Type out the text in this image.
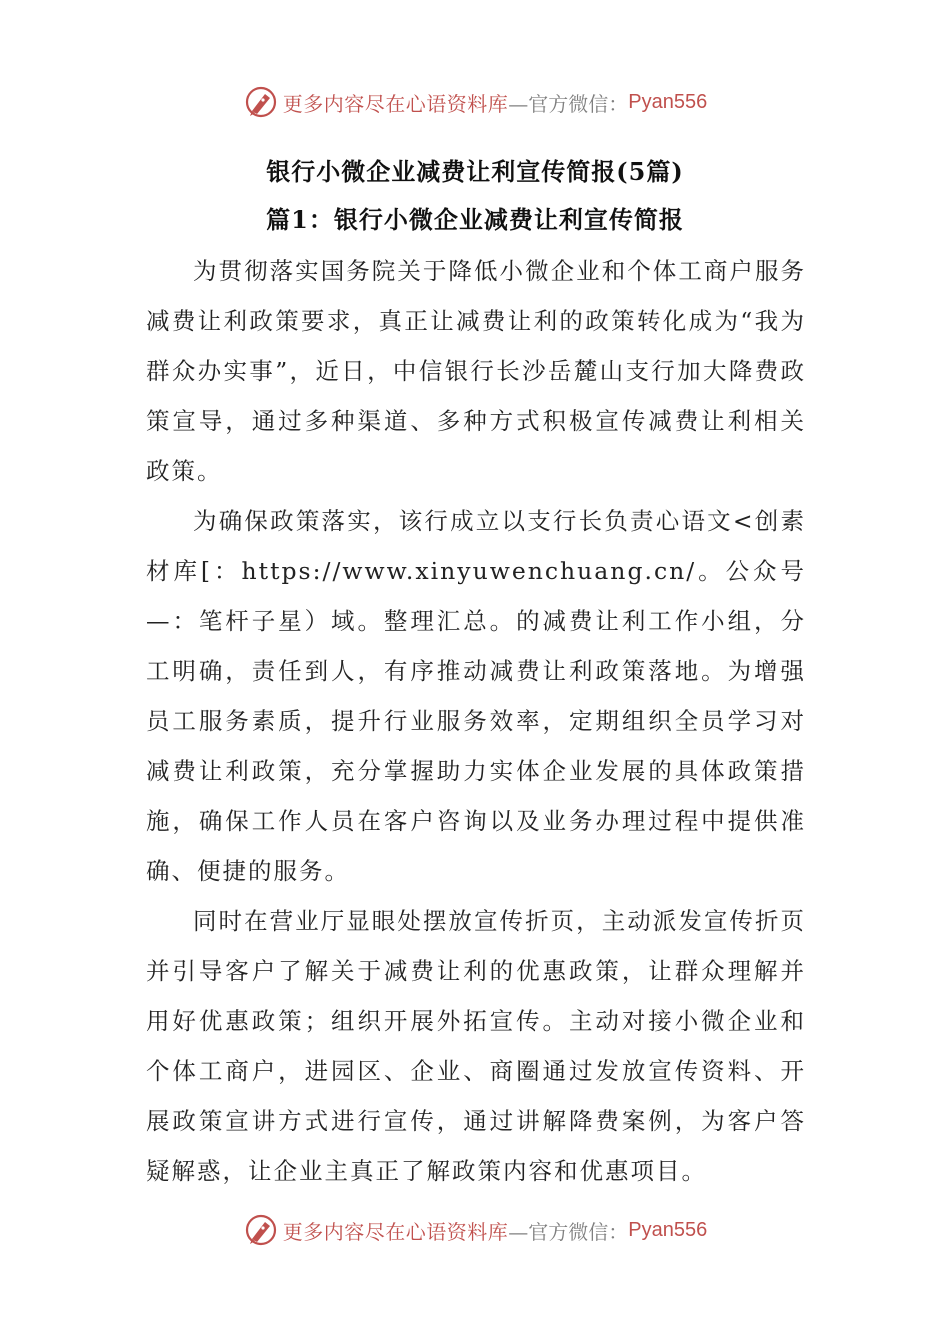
更多内容尽在心语资料库 —官方微信： Pyan556
银行小微企业减费让利宣传简报(5篇)
篇1：银行小微企业减费让利宣传简报

为贯彻落实国务院关于降低小微企业和个体工商户服务减费让利政策要求，真正让减费让利的政策转化成为“我为群众办实事”，近日，中信银行长沙岳麓山支行加大降费政策宣导，通过多种渠道、多种方式积极宣传减费让利相关政策。

为确保政策落实，该行成立以支行长负责心语文<创素材库[：https://www.xinyuwenchuang.cn/。公众号—：笔杆子星）域。整理汇总。的减费让利工作小组，分工明确，责任到人，有序推动减费让利政策落地。为增强员工服务素质，提升行业服务效率，定期组织全员学习对减费让利政策，充分掌握助力实体企业发展的具体政策措施，确保工作人员在客户咨询以及业务办理过程中提供准确、便捷的服务。

同时在营业厅显眼处摆放宣传折页，主动派发宣传折页并引导客户了解关于减费让利的优惠政策，让群众理解并用好优惠政策；组织开展外拓宣传。主动对接小微企业和个体工商户，进园区、企业、商圈通过发放宣传资料、开展政策宣讲方式进行宣传，通过讲解降费案例，为客户答疑解惑，让企业主真正了解政策内容和优惠项目。

更多内容尽在心语资料库 —官方微信： Pyan556
